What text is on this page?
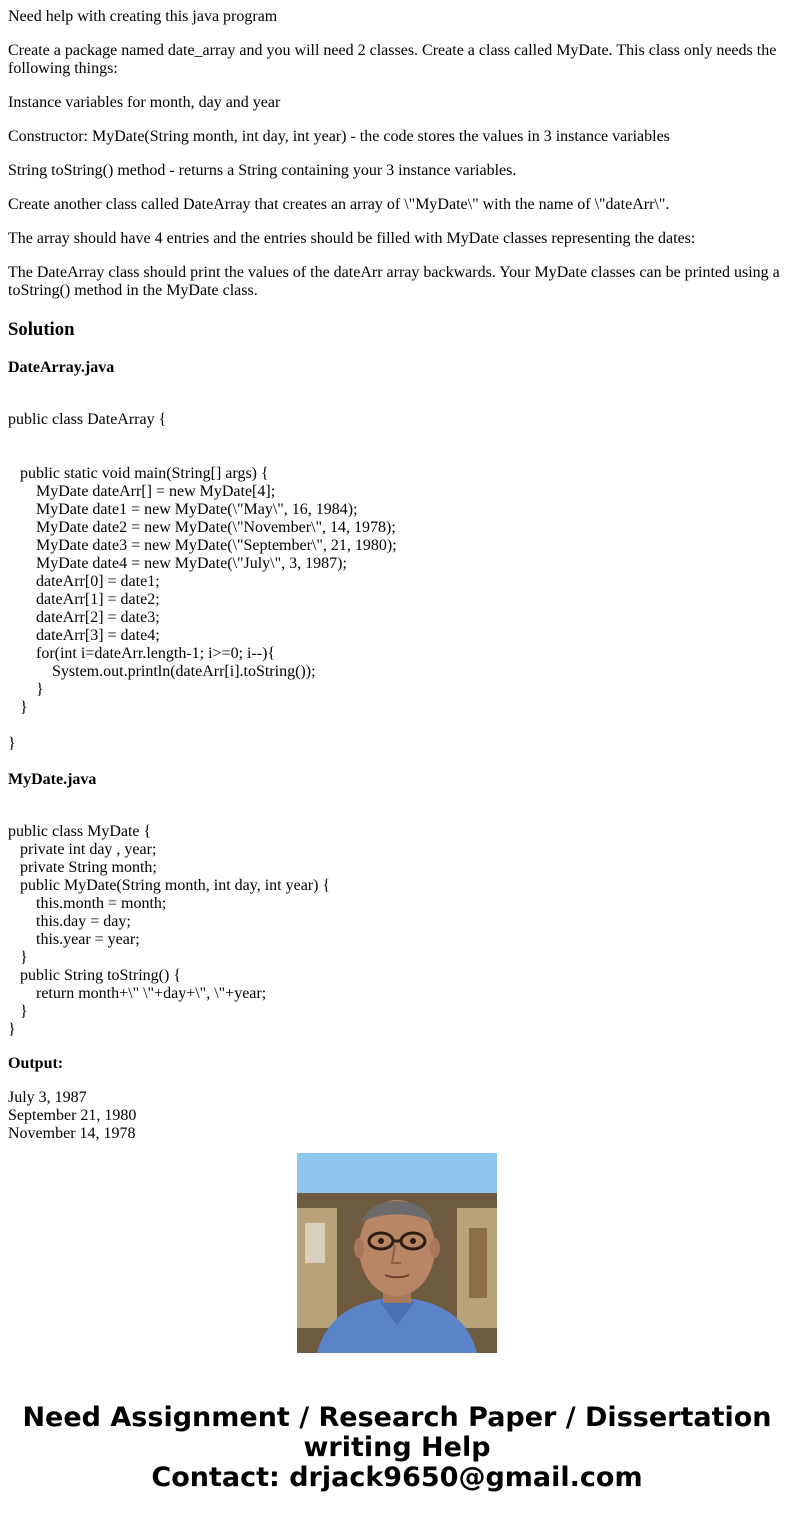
Need help with creating this java program

Create a package named date_array and you will need 2 classes. Create a class called MyDate. This class only needs the following things:

Instance variables for month, day and year

Constructor: MyDate(String month, int day, int year) - the code stores the values in 3 instance variables

String toString() method - returns a String containing your 3 instance variables.

Create another class called DateArray that creates an array of \"MyDate\" with the name of \"dateArr\".

The array should have 4 entries and the entries should be filled with MyDate classes representing the dates:

The DateArray class should print the values of the dateArr array backwards. Your MyDate classes can be printed using a toString() method in the MyDate class.

Solution

DateArray.java

public class DateArray {

public static void main(String[] args) {
MyDate dateArr[] = new MyDate[4];
MyDate date1 = new MyDate(\"May\", 16, 1984);
MyDate date2 = new MyDate(\"November\", 14, 1978);
MyDate date3 = new MyDate(\"September\", 21, 1980);
MyDate date4 = new MyDate(\"July\", 3, 1987);
dateArr[0] = date1;
dateArr[1] = date2;
dateArr[2] = date3;
dateArr[3] = date4;
for(int i=dateArr.length-1; i>=0; i--){
System.out.println(dateArr[i].toString());
}
}

}

MyDate.java

public class MyDate {
private int day , year;
private String month;
public MyDate(String month, int day, int year) {
this.month = month;
this.day = day;
this.year = year;
}
public String toString() {
return month+\" \"+day+\", \"+year;
}
}

Output:

July 3, 1987
September 21, 1980
November 14, 1978
Need Assignment / Research Paper / Dissertation
writing Help
Contact: drjack9650@gmail.com
